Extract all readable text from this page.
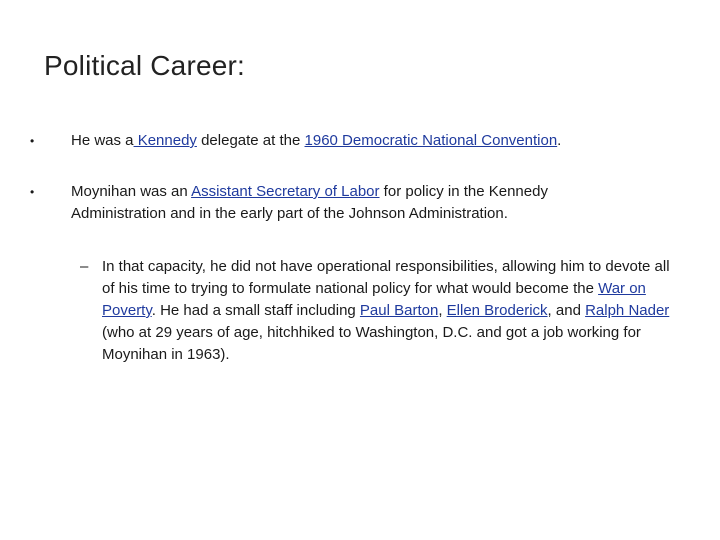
Political Career:
• He was a Kennedy delegate at the 1960 Democratic National Convention.
• Moynihan was an Assistant Secretary of Labor for policy in the Kennedy Administration and in the early part of the Johnson Administration.
– In that capacity, he did not have operational responsibilities, allowing him to devote all of his time to trying to formulate national policy for what would become the War on Poverty. He had a small staff including Paul Barton, Ellen Broderick, and Ralph Nader (who at 29 years of age, hitchhiked to Washington, D.C. and got a job working for Moynihan in 1963).
